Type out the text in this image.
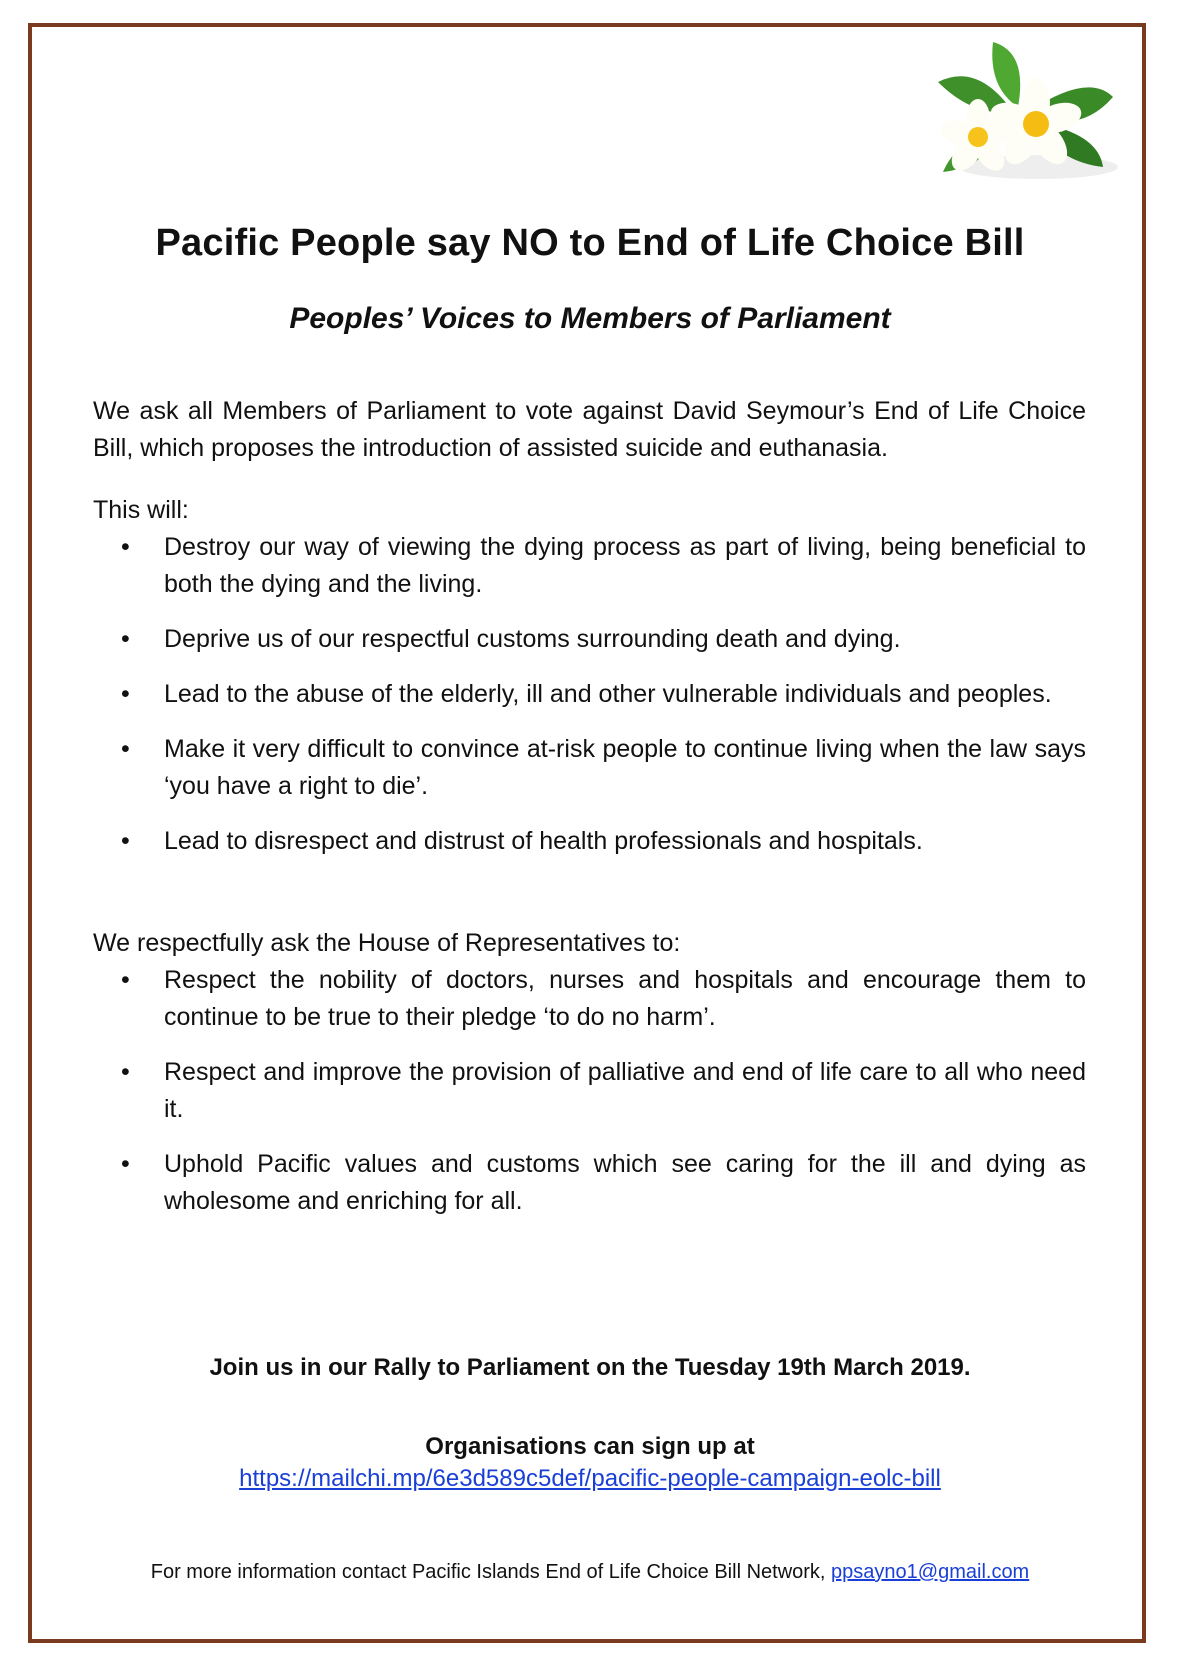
Pacific People say NO to End of Life Choice Bill
Peoples’ Voices to Members of Parliament

We ask all Members of Parliament to vote against David Seymour’s End of Life Choice Bill, which proposes the introduction of assisted suicide and euthanasia.

This will:

• Destroy our way of viewing the dying process as part of living, being beneficial to both the dying and the living.
• Deprive us of our respectful customs surrounding death and dying.
• Lead to the abuse of the elderly, ill and other vulnerable individuals and peoples.
• Make it very difficult to convince at-risk people to continue living when the law says ‘you have a right to die’.
• Lead to disrespect and distrust of health professionals and hospitals.

We respectfully ask the House of Representatives to:

• Respect the nobility of doctors, nurses and hospitals and encourage them to continue to be true to their pledge ‘to do no harm’.
• Respect and improve the provision of palliative and end of life care to all who need it.
• Uphold Pacific values and customs which see caring for the ill and dying as wholesome and enriching for all.

Join us in our Rally to Parliament on the Tuesday 19th March 2019.

Organisations can sign up at

https://mailchi.mp/6e3d589c5def/pacific-people-campaign-eolc-bill

For more information contact Pacific Islands End of Life Choice Bill Network, ppsayno1@gmail.com
